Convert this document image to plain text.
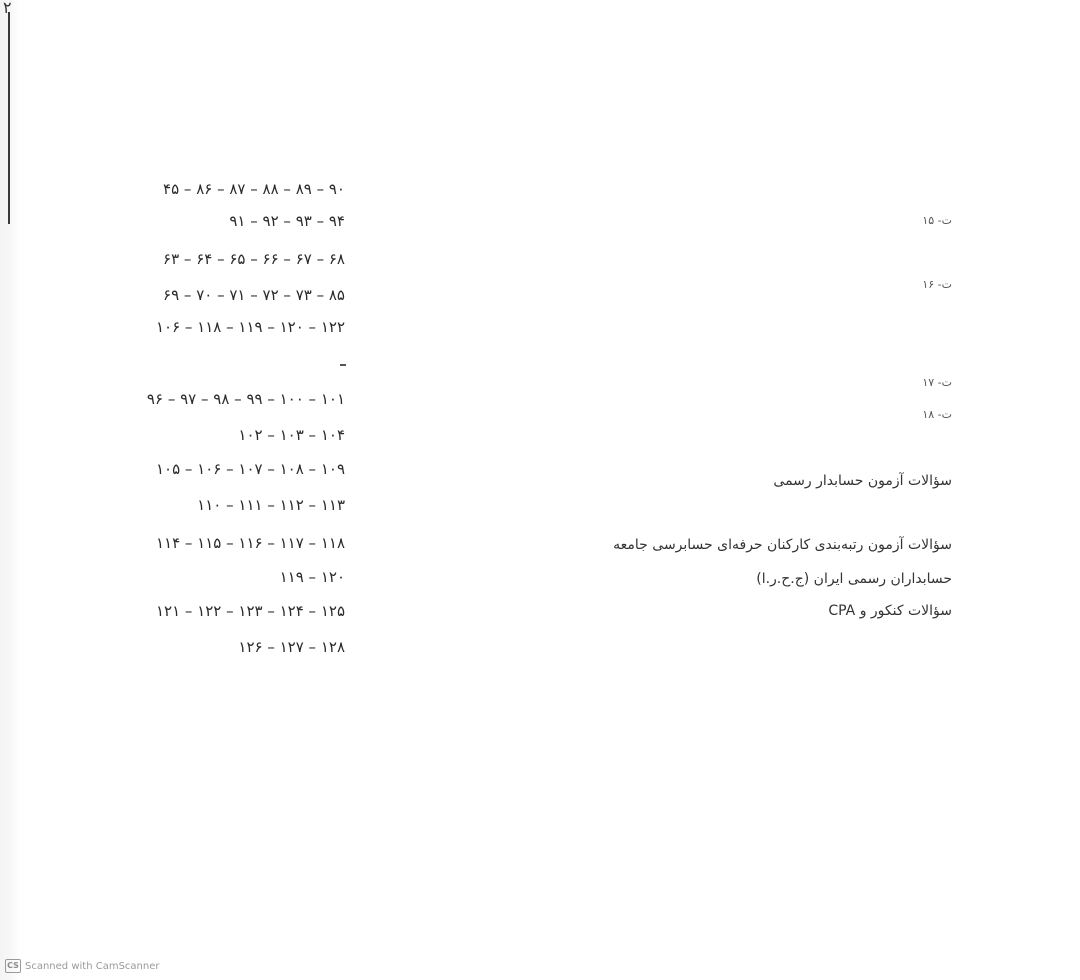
٢

۹۰ – ۸۹ – ۸۸ – ۸۷ – ۸۶ – ۴۵

۹۴ – ۹۳ – ۹۲ – ۹۱

۶۸ – ۶۷ – ۶۶ – ۶۵ – ۶۴ – ۶۳

۸۵ – ۷۳ – ۷۲ – ۷۱ – ۷۰ – ۶۹

۱۲۲ – ۱۲۰ – ۱۱۹ – ۱۱۸ – ۱۰۶

۱۰۱ – ۱۰۰ – ۹۹ – ۹۸ – ۹۷ – ۹۶

۱۰۴ – ۱۰۳ – ۱۰۲

۱۰۹ – ۱۰۸ – ۱۰۷ – ۱۰۶ – ۱۰۵

۱۱۳ – ۱۱۲ – ۱۱۱ – ۱۱۰

۱۱۸ – ۱۱۷ – ۱۱۶ – ۱۱۵ – ۱۱۴

۱۲۰ – ۱۱۹

۱۲۵ – ۱۲۴ – ۱۲۳ – ۱۲۲ – ۱۲۱

۱۲۸ – ۱۲۷ – ۱۲۶

ت- ۱۵

ت- ۱۶

ت- ۱۷

ت- ۱۸

سؤالات آزمون حسابدار رسمی

سؤالات آزمون رتبه‌بندی کارکنان حرفه‌ای حسابرسی جامعه

حسابداران رسمی ایران (ج.ح.ر.ا)

سؤالات کنکور و CPA

CS Scanned with CamScanner
